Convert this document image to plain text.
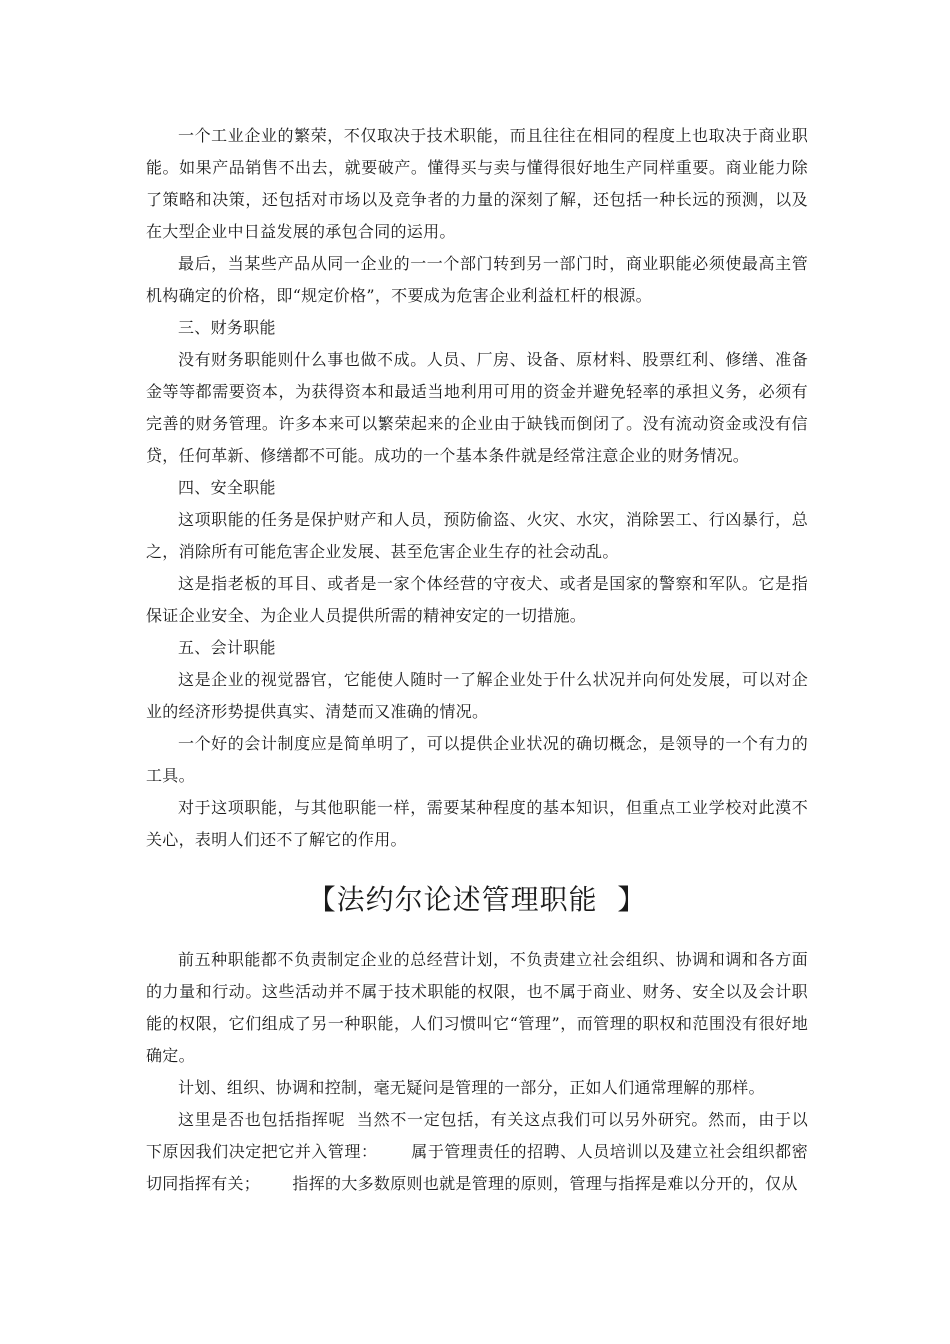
一个工业企业的繁荣，不仅取决于技术职能，而且往往在相同的程度上也取决于商业职能。如果产品销售不出去，就要破产。懂得买与卖与懂得很好地生产同样重要。商业能力除了策略和决策，还包括对市场以及竞争者的力量的深刻了解，还包括一种长远的预测，以及在大型企业中日益发展的承包合同的运用。

最后，当某些产品从同一企业的一一个部门转到另一部门时，商业职能必须使最高主管机构确定的价格，即“规定价格”，不要成为危害企业利益杠杆的根源。

三、财务职能

没有财务职能则什么事也做不成。人员、厂房、设备、原材料、股票红利、修缮、准备金等等都需要资本，为获得资本和最适当地利用可用的资金并避免轻率的承担义务，必须有完善的财务管理。许多本来可以繁荣起来的企业由于缺钱而倒闭了。没有流动资金或没有信贷，任何革新、修缮都不可能。成功的一个基本条件就是经常注意企业的财务情况。

四、安全职能

这项职能的任务是保护财产和人员，预防偷盗、火灾、水灾，消除罢工、行凶暴行，总之，消除所有可能危害企业发展、甚至危害企业生存的社会动乱。

这是指老板的耳目、或者是一家个体经营的守夜犬、或者是国家的警察和军队。它是指保证企业安全、为企业人员提供所需的精神安定的一切措施。

五、会计职能

这是企业的视觉器官，它能使人随时一了解企业处于什么状况并向何处发展，可以对企业的经济形势提供真实、清楚而又准确的情况。

一个好的会计制度应是简单明了，可以提供企业状况的确切概念，是领导的一个有力的工具。

对于这项职能，与其他职能一样，需要某种程度的基本知识，但重点工业学校对此漠不关心，表明人们还不了解它的作用。

【法约尔论述管理职能  】

前五种职能都不负责制定企业的总经营计划，不负责建立社会组织、协调和调和各方面的力量和行动。这些活动并不属于技术职能的权限，也不属于商业、财务、安全以及会计职能的权限，它们组成了另一种职能，人们习惯叫它“管理”，而管理的职权和范围没有很好地确定。

计划、组织、协调和控制，毫无疑问是管理的一部分，正如人们通常理解的那样。

这里是否也包括指挥呢  当然不一定包括，有关这点我们可以另外研究。然而，由于以下原因我们决定把它并入管理：      属于管理责任的招聘、人员培训以及建立社会组织都密切同指挥有关；      指挥的大多数原则也就是管理的原则，管理与指挥是难以分开的，仅从
